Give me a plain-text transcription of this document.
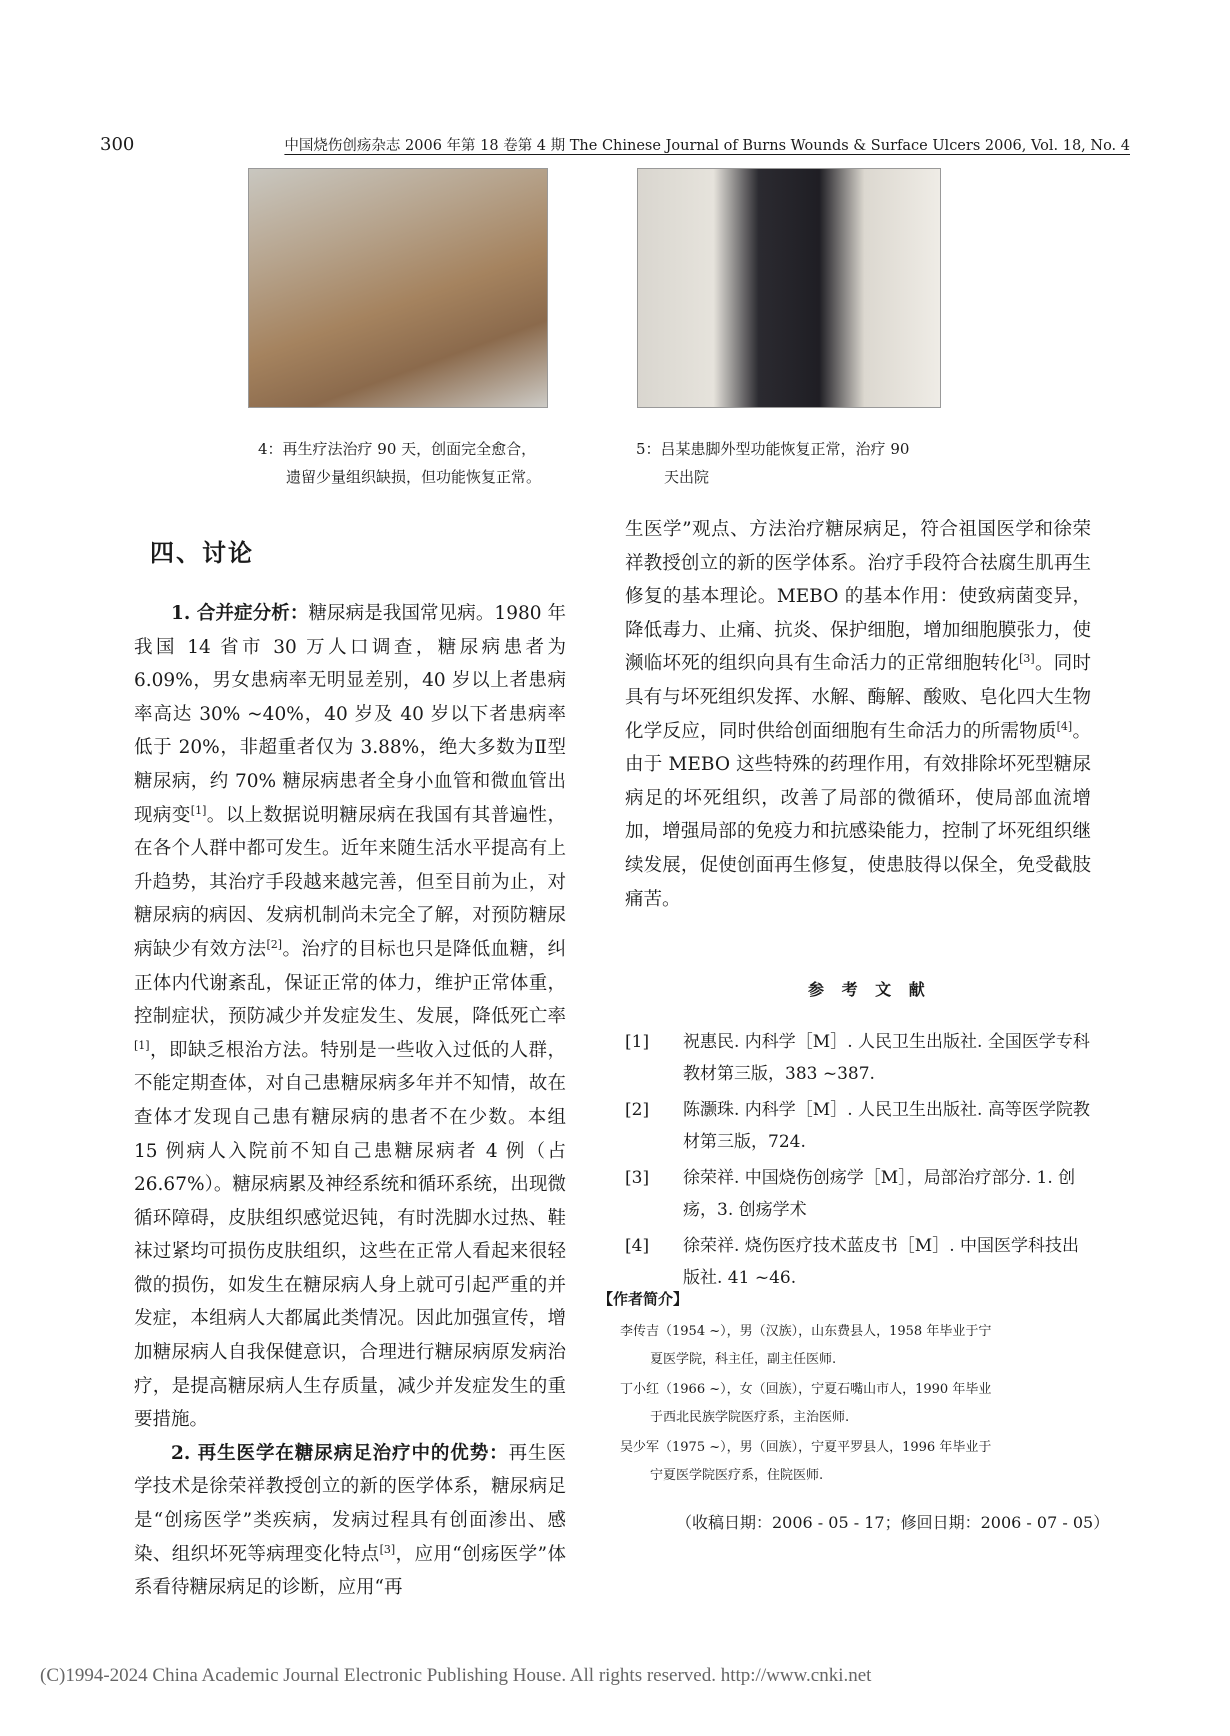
300	中国烧伤创疡杂志 2006 年第 18 卷第 4 期 The Chinese Journal of Burns Wounds & Surface Ulcers 2006, Vol. 18, No. 4
4：再生疗法治疗 90 天，创面完全愈合，
遗留少量组织缺损，但功能恢复正常。
5：吕某患脚外型功能恢复正常，治疗 90
天出院
四、讨论

1. 合并症分析：糖尿病是我国常见病。1980 年我国 14 省市 30 万人口调查，糖尿病患者为 6.09%，男女患病率无明显差别，40 岁以上者患病率高达 30% ~40%，40 岁及 40 岁以下者患病率低于 20%，非超重者仅为 3.88%，绝大多数为Ⅱ型糖尿病，约 70% 糖尿病患者全身小血管和微血管出现病变[1]。以上数据说明糖尿病在我国有其普遍性，在各个人群中都可发生。近年来随生活水平提高有上升趋势，其治疗手段越来越完善，但至目前为止，对糖尿病的病因、发病机制尚未完全了解，对预防糖尿病缺少有效方法[2]。治疗的目标也只是降低血糖，纠正体内代谢紊乱，保证正常的体力，维护正常体重，控制症状，预防减少并发症发生、发展，降低死亡率[1]，即缺乏根治方法。特别是一些收入过低的人群，不能定期查体，对自己患糖尿病多年并不知情，故在查体才发现自己患有糖尿病的患者不在少数。本组 15 例病人入院前不知自己患糖尿病者 4 例（占 26.67%）。糖尿病累及神经系统和循环系统，出现微循环障碍，皮肤组织感觉迟钝，有时洗脚水过热、鞋袜过紧均可损伤皮肤组织，这些在正常人看起来很轻微的损伤，如发生在糖尿病人身上就可引起严重的并发症，本组病人大都属此类情况。因此加强宣传，增加糖尿病人自我保健意识，合理进行糖尿病原发病治疗，是提高糖尿病人生存质量，减少并发症发生的重要措施。

2. 再生医学在糖尿病足治疗中的优势：再生医学技术是徐荣祥教授创立的新的医学体系，糖尿病足是“创疡医学”类疾病，发病过程具有创面渗出、感染、组织坏死等病理变化特点[3]，应用“创疡医学”体系看待糖尿病足的诊断，应用“再

生医学”观点、方法治疗糖尿病足，符合祖国医学和徐荣祥教授创立的新的医学体系。治疗手段符合祛腐生肌再生修复的基本理论。MEBO 的基本作用：使致病菌变异，降低毒力、止痛、抗炎、保护细胞，增加细胞膜张力，使濒临坏死的组织向具有生命活力的正常细胞转化[3]。同时具有与坏死组织发挥、水解、酶解、酸败、皂化四大生物化学反应，同时供给创面细胞有生命活力的所需物质[4]。由于 MEBO 这些特殊的药理作用，有效排除坏死型糖尿病足的坏死组织，改善了局部的微循环，使局部血流增加，增强局部的免疫力和抗感染能力，控制了坏死组织继续发展，促使创面再生修复，使患肢得以保全，免受截肢痛苦。

参 考 文 献
[1]	祝惠民. 内科学［M］. 人民卫生出版社. 全国医学专科教材第三版，383 ~387.
[2]	陈灏珠. 内科学［M］. 人民卫生出版社. 高等医学院教材第三版，724.
[3]	徐荣祥. 中国烧伤创疡学［M］，局部治疗部分. 1. 创疡，3. 创疡学术
[4]	徐荣祥. 烧伤医疗技术蓝皮书［M］. 中国医学科技出版社. 41 ~46.
【作者简介】
李传吉（1954 ~），男（汉族），山东费县人，1958 年毕业于宁
夏医学院，科主任，副主任医师.
丁小红（1966 ~），女（回族），宁夏石嘴山市人，1990 年毕业
于西北民族学院医疗系，主治医师.
吴少军（1975 ~），男（回族），宁夏平罗县人，1996 年毕业于
宁夏医学院医疗系，住院医师.
（收稿日期：2006 - 05 - 17；修回日期：2006 - 07 - 05）
(C)1994-2024 China Academic Journal Electronic Publishing House. All rights reserved. http://www.cnki.net
